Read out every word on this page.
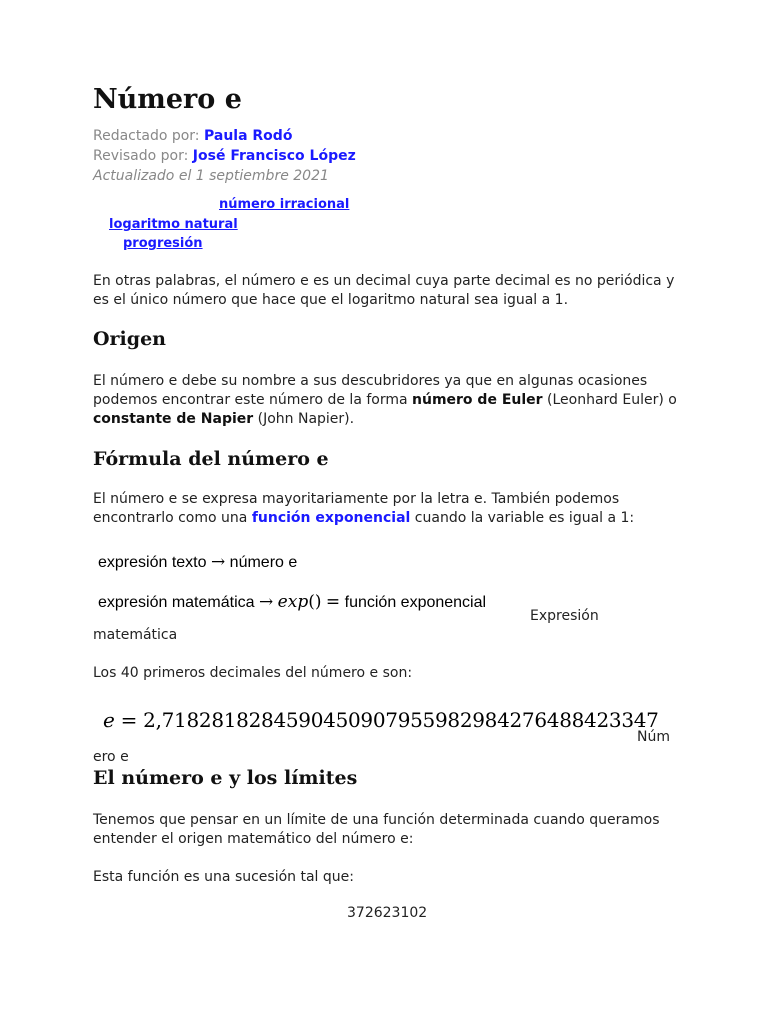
Número e
Redactado por: Paula Rodó
Revisado por: José Francisco López
Actualizado el 1 septiembre 2021
número irracional
logaritmo natural
progresión

En otras palabras, el número e es un decimal cuya parte decimal es no periódica y es el único número que hace que el logaritmo natural sea igual a 1.

Origen

El número e debe su nombre a sus descubridores ya que en algunas ocasiones podemos encontrar este número de la forma número de Euler (Leonhard Euler) o constante de Napier (John Napier).

Fórmula del número e

El número e se expresa mayoritariamente por la letra e. También podemos encontrarlo como una función exponencial cuando la variable es igual a 1:

expresión texto → número e
expresión matemática → exp() = función exponencial
Expresión
matemática

Los 40 primeros decimales del número e son:

e = 2,7182818284590450907955982984276488423347
Núm
ero e
El número e y los límites

Tenemos que pensar en un límite de una función determinada cuando queramos entender el origen matemático del número e:

Esta función es una sucesión tal que:

372623102
